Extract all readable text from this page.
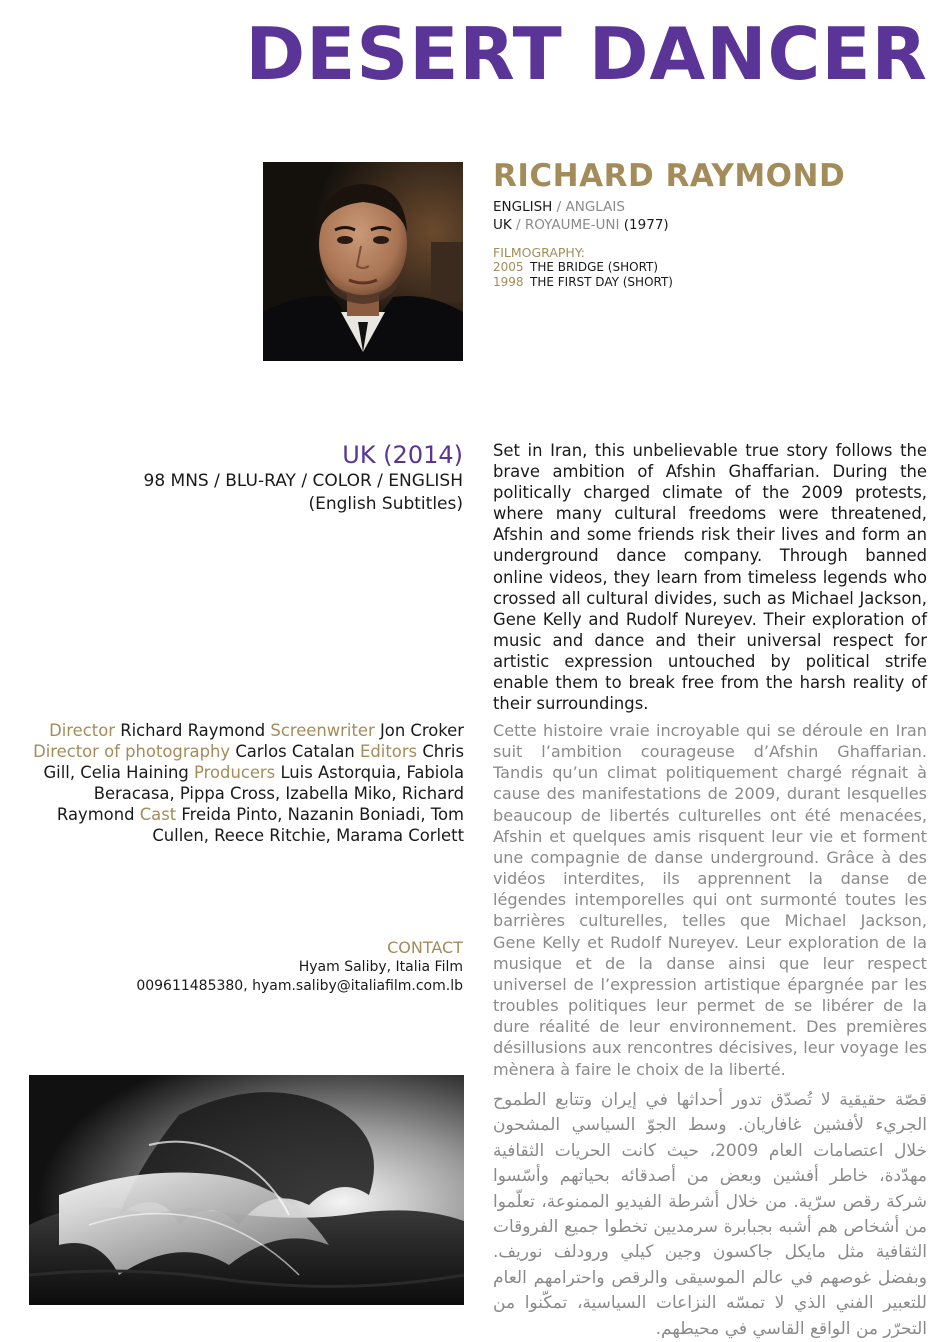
DESERT DANCER
RICHARD RAYMOND
ENGLISH / ANGLAIS
UK / ROYAUME-UNI (1977)
FILMOGRAPHY:
2005 THE BRIDGE (SHORT)
1998 THE FIRST DAY (SHORT)
UK (2014)
98 MNS / BLU-RAY / COLOR / ENGLISH
(English Subtitles)
Set in Iran, this unbelievable true story follows the brave ambition of Afshin Ghaffarian. During the politically charged climate of the 2009 protests, where many cultural freedoms were threatened, Afshin and some friends risk their lives and form an underground dance company. Through banned online videos, they learn from timeless legends who crossed all cultural divides, such as Michael Jackson, Gene Kelly and Rudolf Nureyev. Their exploration of music and dance and their universal respect for artistic expression untouched by political strife enable them to break free from the harsh reality of their surroundings.
Director Richard Raymond Screenwriter Jon Croker Director of photography Carlos Catalan Editors Chris Gill, Celia Haining Producers Luis Astorquia, Fabiola Beracasa, Pippa Cross, Izabella Miko, Richard Raymond Cast Freida Pinto, Nazanin Boniadi, Tom Cullen, Reece Ritchie, Marama Corlett
Cette histoire vraie incroyable qui se déroule en Iran suit l’ambition courageuse d’Afshin Ghaffarian. Tandis qu’un climat politiquement chargé régnait à cause des manifestations de 2009, durant lesquelles beaucoup de libertés culturelles ont été menacées, Afshin et quelques amis risquent leur vie et forment une compagnie de danse underground. Grâce à des vidéos interdites, ils apprennent la danse de légendes intemporelles qui ont surmonté toutes les barrières culturelles, telles que Michael Jackson, Gene Kelly et Rudolf Nureyev. Leur exploration de la musique et de la danse ainsi que leur respect universel de l’expression artistique épargnée par les troubles politiques leur permet de se libérer de la dure réalité de leur environnement. Des premières désillusions aux rencontres décisives, leur voyage les mènera à faire le choix de la liberté.
CONTACT
Hyam Saliby, Italia Film
009611485380, hyam.saliby@italiafilm.com.lb
قصّة حقيقية لا تُصدّق تدور أحداثها في إيران وتتابع الطموح الجريء لأفشين غافاريان. وسط الجوّ السياسي المشحون خلال اعتصامات العام 2009، حيث كانت الحريات الثقافية مهدّدة، خاطر أفشين وبعض من أصدقائه بحياتهم وأسّسوا شركة رقص سرّية. من خلال أشرطة الفيديو الممنوعة، تعلّموا من أشخاص هم أشبه بجبابرة سرمديين تخطوا جميع الفروقات الثقافية مثل مايكل جاكسون وجين كيلي ورودلف نوريف. وبفضل غوصهم في عالم الموسيقى والرقص واحترامهم العام للتعبير الفني الذي لا تمسّه النزاعات السياسية، تمكّنوا من التحرّر من الواقع القاسي في محيطهم.
